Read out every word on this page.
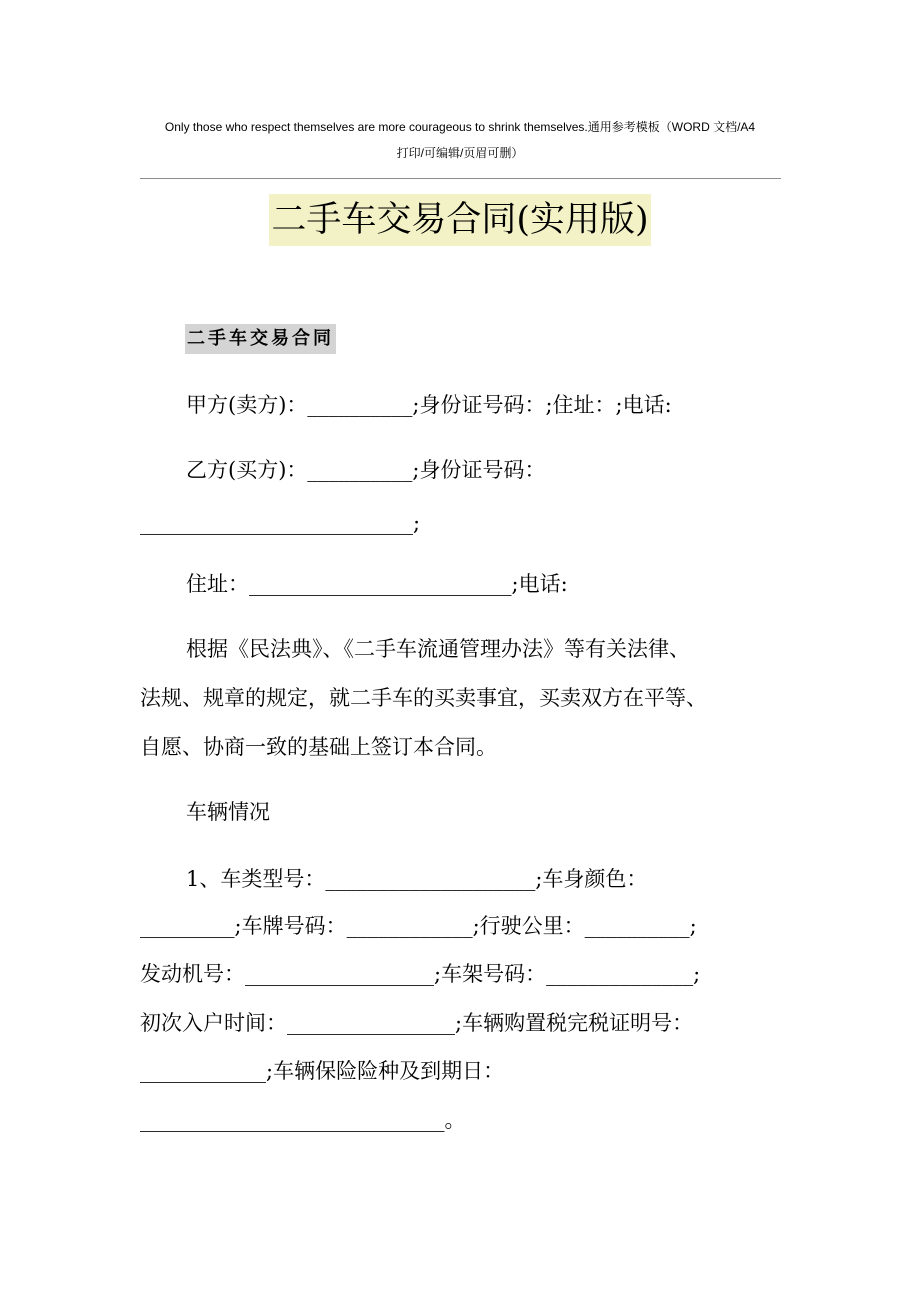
Only those who respect themselves are more courageous to shrink themselves.通用参考模板（WORD 文档/A4
打印/可编辑/页眉可删）
二手车交易合同(实用版)
二手车交易合同
甲方(卖方)：__________;身份证号码：;住址：;电话:
乙方(买方)：__________;身份证号码：
__________________________;
住址：_________________________;电话:
根据《民法典》、《二手车流通管理办法》等有关法律、
法规、规章的规定，就二手车的买卖事宜，买卖双方在平等、
自愿、协商一致的基础上签订本合同。
车辆情况
1、车类型号：____________________;车身颜色：
_________;车牌号码：____________;行驶公里：__________;
发动机号：__________________;车架号码：______________;
初次入户时间：________________;车辆购置税完税证明号：
____________;车辆保险险种及到期日：
_____________________________。
